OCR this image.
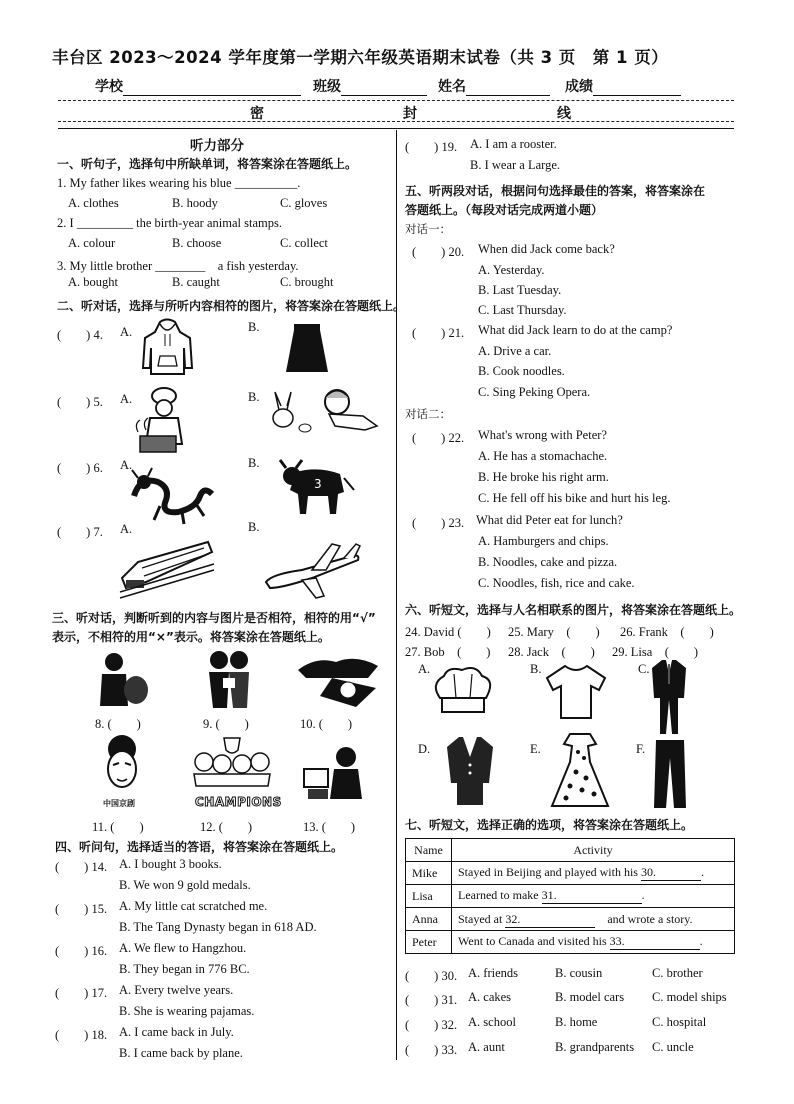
丰台区 2023～2024 学年度第一学期六年级英语期末试卷（共 3 页　第 1 页）
学校	班级	姓名	成绩
密	封	线
听力部分
一、听句子，选择句中所缺单词，将答案涂在答题纸上。
1. My father likes wearing his blue __________.
A. clothes	B. hoody	C. gloves
2. I _________ the birth-year animal stamps.
A. colour	B. choose	C. collect
3. My little brother ________　a fish yesterday.
A. bought	B. caught	C. brought
二、听对话，选择与所听内容相符的图片，将答案涂在答题纸上。
(　　) 4. A.	B.
(　　) 5. A.	B.
(　　) 6. A.	B.
3
(　　) 7. A.	B.
三、听对话，判断听到的内容与图片是否相符，相符的用“√”
表示，不相符的用“×”表示。将答案涂在答题纸上。
8. (　　)	9. (　　)	10. (　　)
中国京剧	CHAMPIONS
11. (　　)	12. (　　)	13. (　　)
四、听问句，选择适当的答语，将答案涂在答题纸上。
(　　) 14. A. I bought 3 books.
B. We won 9 gold medals.
(　　) 15. A. My little cat scratched me.
B. The Tang Dynasty began in 618 AD.
(　　) 16. A. We flew to Hangzhou.
B. They began in 776 BC.
(　　) 17. A. Every twelve years.
B. She is wearing pajamas.
(　　) 18. A. I came back in July.
B. I came back by plane.
(　　) 19. A. I am a rooster.
B. I wear a Large.
五、听两段对话，根据问句选择最佳的答案，将答案涂在
答题纸上。（每段对话完成两道小题）
对话一：
(　　) 20. When did Jack come back?
A. Yesterday.
B. Last Tuesday.
C. Last Thursday.
(　　) 21. What did Jack learn to do at the camp?
A. Drive a car.
B. Cook noodles.
C. Sing Peking Opera.
对话二：
(　　) 22. What's wrong with Peter?
A. He has a stomachache.
B. He broke his right arm.
C. He fell off his bike and hurt his leg.
(　　) 23. What did Peter eat for lunch?
A. Hamburgers and chips.
B. Noodles, cake and pizza.
C. Noodles, fish, rice and cake.
六、听短文，选择与人名相联系的图片，将答案涂在答题纸上。
24. David (　　) 25. Mary　(　　) 26. Frank　(　　)
27. Bob　(　　) 28. Jack　(　　) 29. Lisa　(　　)
A.	B.	C.
D.	E.	F.
七、听短文，选择正确的选项，将答案涂在答题纸上。
Name	Activity
Mike	Stayed in Beijing and played with his 30. .
Lisa	Learned to make 31. .
Anna	Stayed at 32. 　and wrote a story.
Peter	Went to Canada and visited his 33. .
(　　) 30. A. friends	B. cousin	C. brother
(　　) 31. A. cakes	B. model cars C. model ships
(　　) 32. A. school	B. home	C. hospital
(　　) 33. A. aunt	B. grandparents C. uncle
